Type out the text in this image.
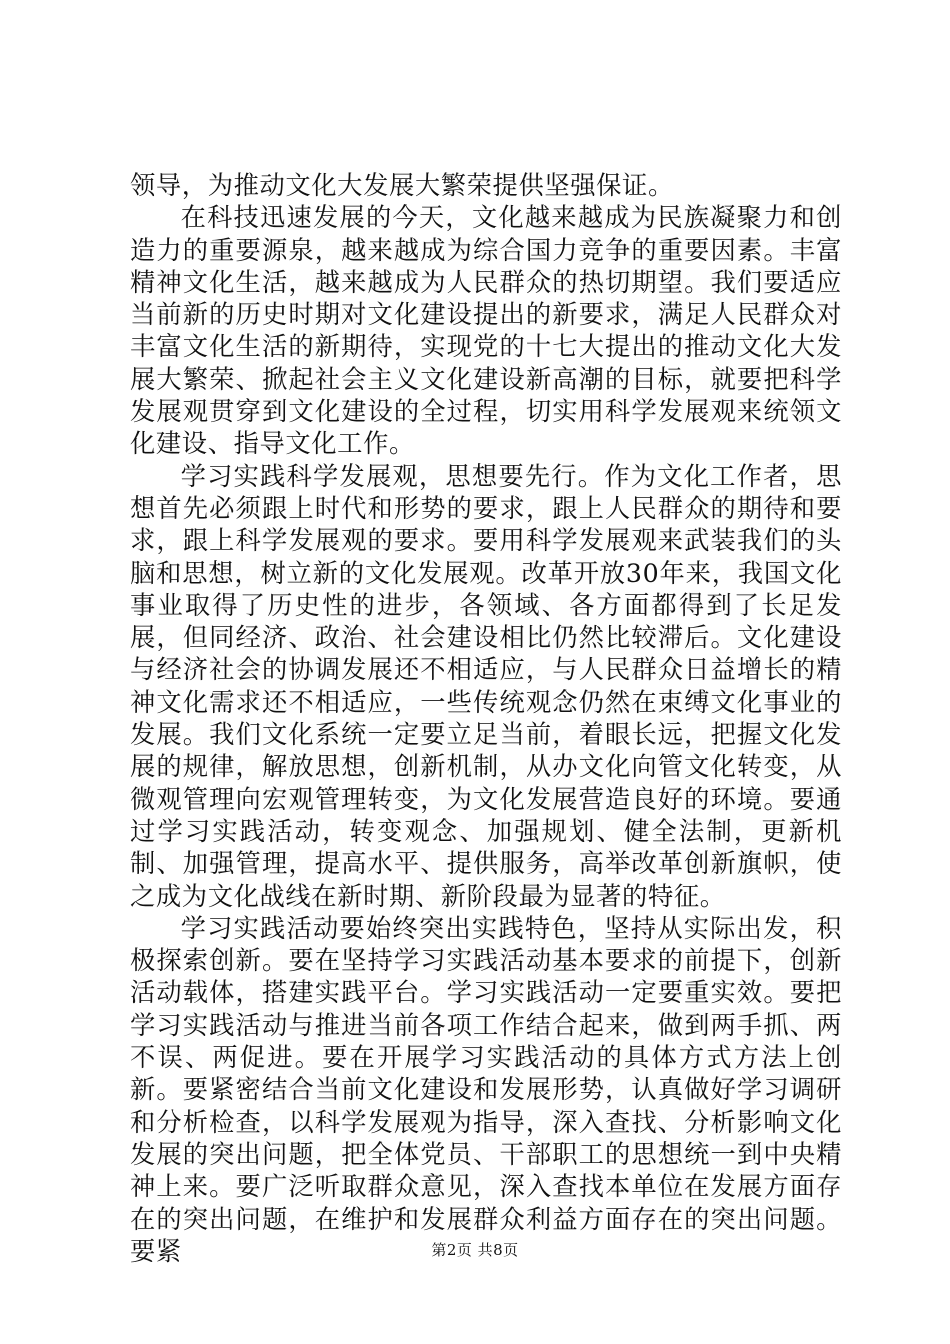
领导，为推动文化大发展大繁荣提供坚强保证。

在科技迅速发展的今天，文化越来越成为民族凝聚力和创造力的重要源泉，越来越成为综合国力竞争的重要因素。丰富精神文化生活，越来越成为人民群众的热切期望。我们要适应当前新的历史时期对文化建设提出的新要求，满足人民群众对丰富文化生活的新期待，实现党的十七大提出的推动文化大发展大繁荣、掀起社会主义文化建设新高潮的目标，就要把科学发展观贯穿到文化建设的全过程，切实用科学发展观来统领文化建设、指导文化工作。

学习实践科学发展观，思想要先行。作为文化工作者，思想首先必须跟上时代和形势的要求，跟上人民群众的期待和要求，跟上科学发展观的要求。要用科学发展观来武装我们的头脑和思想，树立新的文化发展观。改革开放30年来，我国文化事业取得了历史性的进步，各领域、各方面都得到了长足发展，但同经济、政治、社会建设相比仍然比较滞后。文化建设与经济社会的协调发展还不相适应，与人民群众日益增长的精神文化需求还不相适应，一些传统观念仍然在束缚文化事业的发展。我们文化系统一定要立足当前，着眼长远，把握文化发展的规律，解放思想，创新机制，从办文化向管文化转变，从微观管理向宏观管理转变，为文化发展营造良好的环境。要通过学习实践活动，转变观念、加强规划、健全法制，更新机制、加强管理，提高水平、提供服务，高举改革创新旗帜，使之成为文化战线在新时期、新阶段最为显著的特征。

学习实践活动要始终突出实践特色，坚持从实际出发，积极探索创新。要在坚持学习实践活动基本要求的前提下，创新活动载体，搭建实践平台。学习实践活动一定要重实效。要把学习实践活动与推进当前各项工作结合起来，做到两手抓、两不误、两促进。要在开展学习实践活动的具体方式方法上创新。要紧密结合当前文化建设和发展形势，认真做好学习调研和分析检查，以科学发展观为指导，深入查找、分析影响文化发展的突出问题，把全体党员、干部职工的思想统一到中央精神上来。要广泛听取群众意见，深入查找本单位在发展方面存在的突出问题，在维护和发展群众利益方面存在的突出问题。要紧	第2页 共8页
